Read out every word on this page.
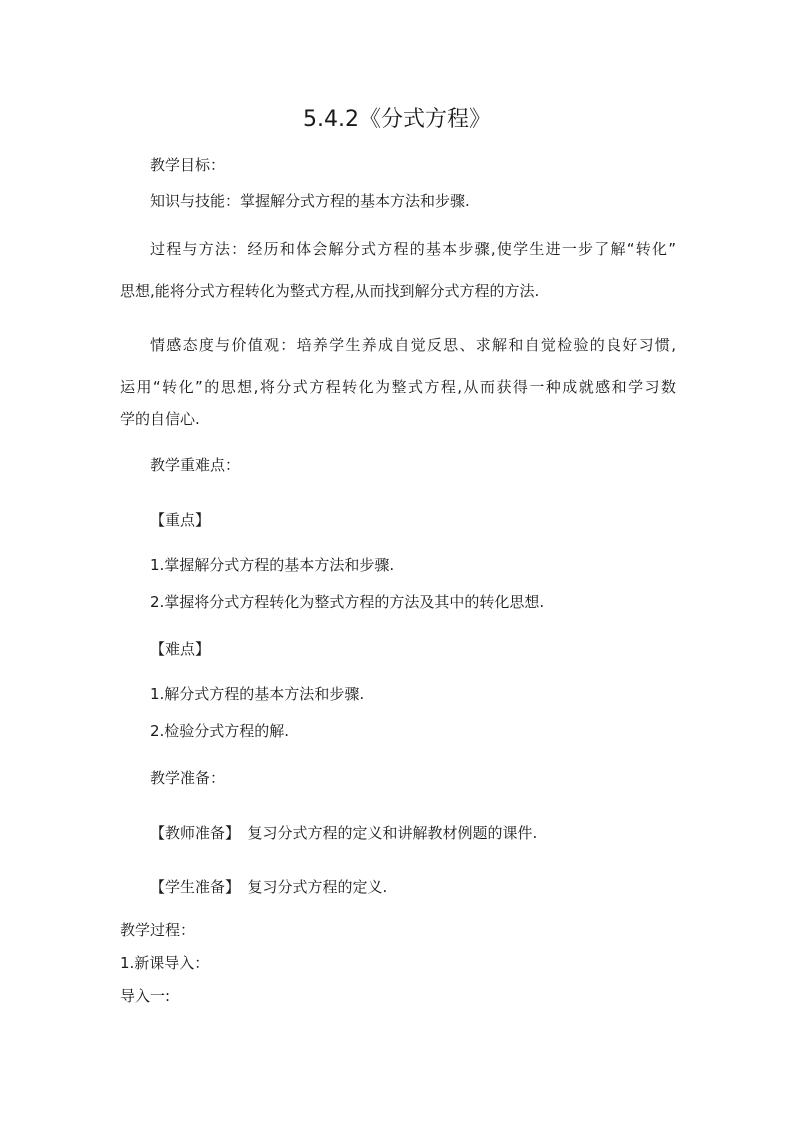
5.4.2《分式方程》
教学目标：
知识与技能：掌握解分式方程的基本方法和步骤.
过程与方法：经历和体会解分式方程的基本步骤,使学生进一步了解“转化”
思想,能将分式方程转化为整式方程,从而找到解分式方程的方法.
情感态度与价值观：培养学生养成自觉反思、求解和自觉检验的良好习惯,
运用“转化”的思想,将分式方程转化为整式方程,从而获得一种成就感和学习数
学的自信心.
教学重难点：
【重点】
1.掌握解分式方程的基本方法和步骤.
2.掌握将分式方程转化为整式方程的方法及其中的转化思想.
【难点】
1.解分式方程的基本方法和步骤.
2.检验分式方程的解.
教学准备：
【教师准备】　复习分式方程的定义和讲解教材例题的课件.
【学生准备】　复习分式方程的定义.
教学过程：
1.新课导入：
导入一:
